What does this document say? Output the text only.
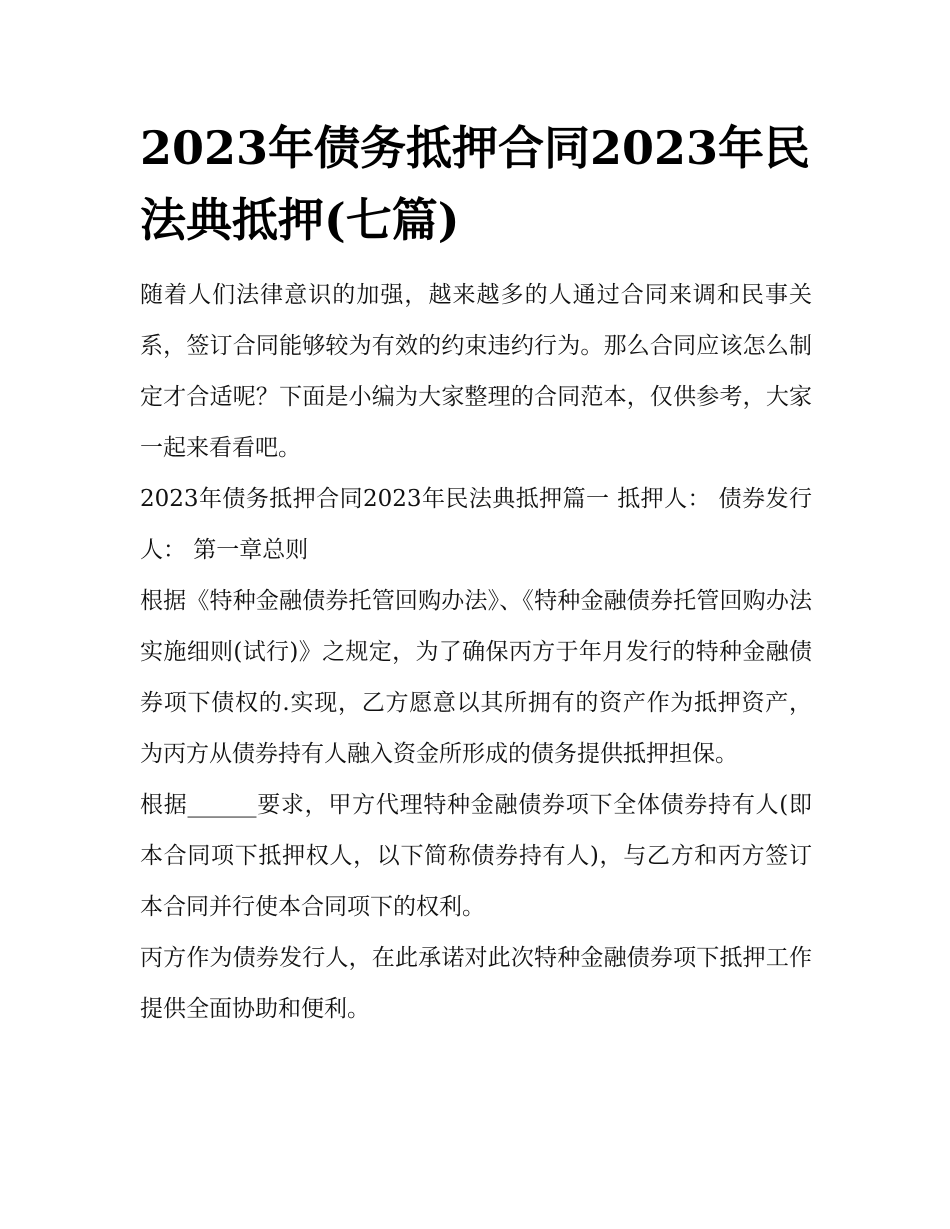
2023年债务抵押合同2023年民法典抵押(七篇)

随着人们法律意识的加强，越来越多的人通过合同来调和民事关系，签订合同能够较为有效的约束违约行为。那么合同应该怎么制定才合适呢？下面是小编为大家整理的合同范本，仅供参考，大家一起来看看吧。

2023年债务抵押合同2023年民法典抵押篇一 抵押人： 债券发行人： 第一章总则

根据《特种金融债券托管回购办法》、《特种金融债券托管回购办法实施细则(试行)》之规定，为了确保丙方于年月发行的特种金融债券项下债权的.实现，乙方愿意以其所拥有的资产作为抵押资产，为丙方从债券持有人融入资金所形成的债务提供抵押担保。

根据______要求，甲方代理特种金融债券项下全体债券持有人(即本合同项下抵押权人，以下简称债券持有人)，与乙方和丙方签订本合同并行使本合同项下的权利。

丙方作为债券发行人，在此承诺对此次特种金融债券项下抵押工作提供全面协助和便利。
